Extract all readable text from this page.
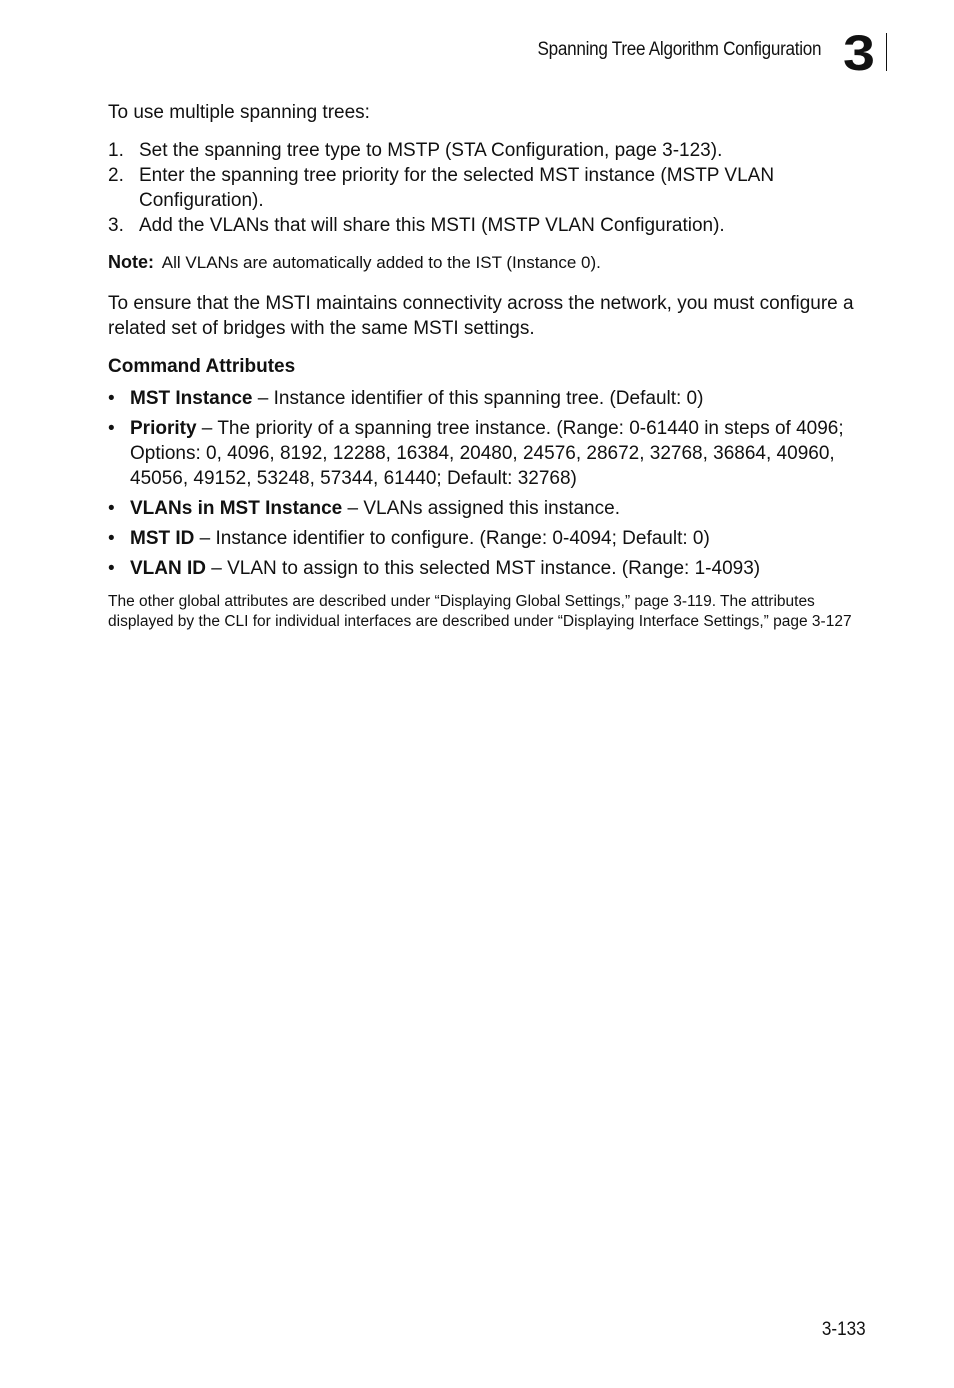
Spanning Tree Algorithm Configuration 3

To use multiple spanning trees:

1. Set the spanning tree type to MSTP (STA Configuration, page 3-123).
2. Enter the spanning tree priority for the selected MST instance (MSTP VLAN Configuration).
3. Add the VLANs that will share this MSTI (MSTP VLAN Configuration).

Note: All VLANs are automatically added to the IST (Instance 0).

To ensure that the MSTI maintains connectivity across the network, you must configure a related set of bridges with the same MSTI settings.

Command Attributes

• MST Instance – Instance identifier of this spanning tree. (Default: 0)
• Priority – The priority of a spanning tree instance. (Range: 0-61440 in steps of 4096; Options: 0, 4096, 8192, 12288, 16384, 20480, 24576, 28672, 32768, 36864, 40960, 45056, 49152, 53248, 57344, 61440; Default: 32768)
• VLANs in MST Instance – VLANs assigned this instance.
• MST ID – Instance identifier to configure. (Range: 0-4094; Default: 0)
• VLAN ID – VLAN to assign to this selected MST instance. (Range: 1-4093)

The other global attributes are described under “Displaying Global Settings,” page 3-119. The attributes displayed by the CLI for individual interfaces are described under “Displaying Interface Settings,” page 3-127

3-133
